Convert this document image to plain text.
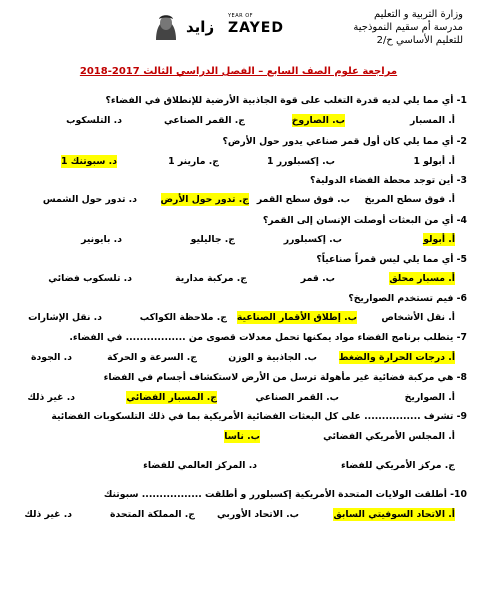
وزارة التربية و التعليم
مدرسة أم سقيم النموذجية
للتعليم الأساسي ح/2
زايد
YEAR OF
ZAYED
مراجعة علوم الصف السابع – الفصل الدراسي الثالث 2017-2018
1- أي مما يلي لديه قدرة التغلب على قوة الجاذبية الأرضية للإنطلاق في الفضاء؟
أ. المسبار
ب. الصاروخ
ج. القمر الصناعي
د. التلسكوب
2- أي مما يلي كان أول قمر صناعي يدور حول الأرض؟
أ. أبولو 1
ب. إكسبلورر 1
ج. مارينر 1
د. سبوتنك 1
3- أين توجد محطة الفضاء الدولية؟
أ. فوق سطح المريخ
ب. فوق سطح القمر
ج. تدور حول الأرض
د. تدور حول الشمس
4- أي من البعثات أوصلت الإنسان إلى القمر؟
أ. أبولو
ب. إكسبلورر
ج. جاليليو
د. بايونير
5- أي مما يلي ليس قمراً صناعياً؟
أ. مسبار محلق
ب. قمر
ج. مركبة مدارية
د. تلسكوب فضائي
6- فيم تستخدم الصواريخ؟
أ. نقل الأشخاص
ب. إطلاق الأقمار الصناعية
ج. ملاحظة الكواكب
د. نقل الإشارات
7- يتطلب برنامج الفضاء مواد يمكنها تحمل معدلات قصوى من ................. في الفضاء.
أ. درجات الحرارة والضغط
ب. الجاذبية و الوزن
ج. السرعة و الحركة
د. الجودة
8- هي مركبة فضائية غير مأهولة ترسل من الأرض لاستكشاف أجسام في الفضاء
أ. الصواريخ
ب. القمر الصناعي
ج. المسبار الفضائي
د. غير ذلك
9- تشرف ................ على كل البعثات الفضائية الأمريكية بما في ذلك التلسكوبات الفضائية
أ. المجلس الأمريكي الفضائي
ب. ناسا
ج. مركز الأمريكي للفضاء
د. المركز العالمي للفضاء
10- أطلقت الولايات المتحدة الأمريكية إكسبلورر و أطلقت ................. سبوتنك
أ. الاتحاد السوفيتي السابق
ب. الاتحاد الأوربي
ج. المملكة المتحدة
د. غير ذلك
